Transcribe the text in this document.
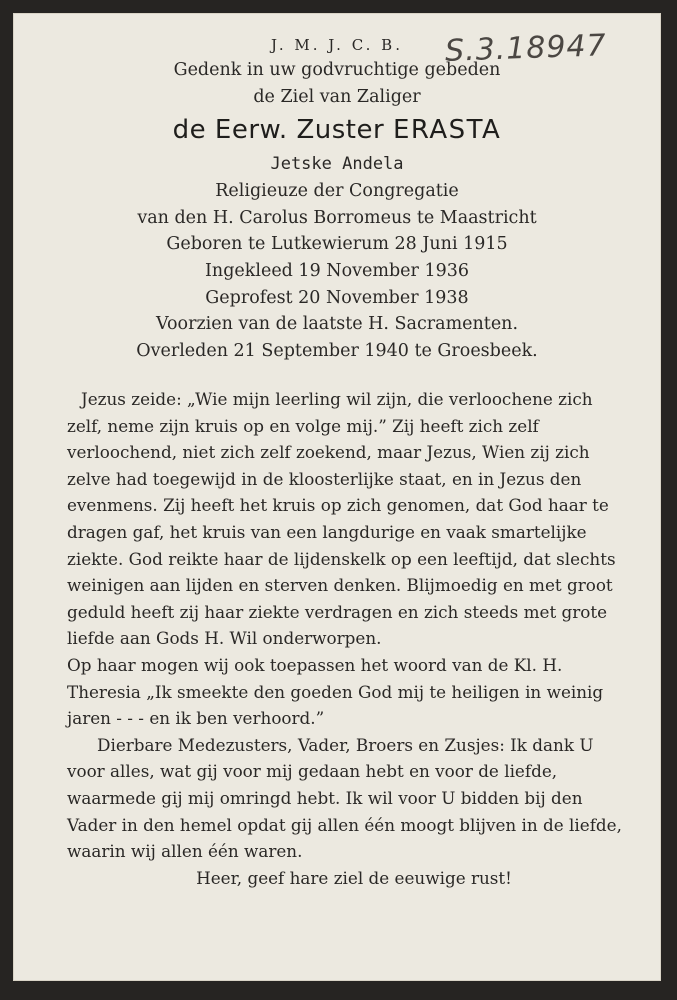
S.3.18947
J. M. J. C. B.
Gedenk in uw godvruchtige gebeden
de Ziel van Zaliger
de Eerw. Zuster ERASTA
Jetske Andela
Religieuze der Congregatie
van den H. Carolus Borromeus te Maastricht
Geboren te Lutkewierum 28 Juni 1915
Ingekleed 19 November 1936
Geprofest 20 November 1938
Voorzien van de laatste H. Sacramenten.
Overleden 21 September 1940 te Groesbeek.

Jezus zeide: „Wie mijn leerling wil zijn, die verloochene zich zelf, neme zijn kruis op en volge mij.” Zij heeft zich zelf verloochend, niet zich zelf zoekend, maar Jezus, Wien zij zich zelve had toegewijd in de kloosterlijke staat, en in Jezus den evenmens. Zij heeft het kruis op zich genomen, dat God haar te dragen gaf, het kruis van een langdurige en vaak smartelijke ziekte. God reikte haar de lijdenskelk op een leeftijd, dat slechts weinigen aan lijden en sterven denken. Blijmoedig en met groot geduld heeft zij haar ziekte verdragen en zich steeds met grote liefde aan Gods H. Wil onderworpen.

Op haar mogen wij ook toepassen het woord van de Kl. H. Theresia „Ik smeekte den goeden God mij te heiligen in weinig jaren - - - en ik ben verhoord.”

Dierbare Medezusters, Vader, Broers en Zusjes: Ik dank U voor alles, wat gij voor mij gedaan hebt en voor de liefde, waarmede gij mij omringd hebt. Ik wil voor U bidden bij den Vader in den hemel opdat gij allen één moogt blijven in de liefde, waarin wij allen één waren.

Heer, geef hare ziel de eeuwige rust!
